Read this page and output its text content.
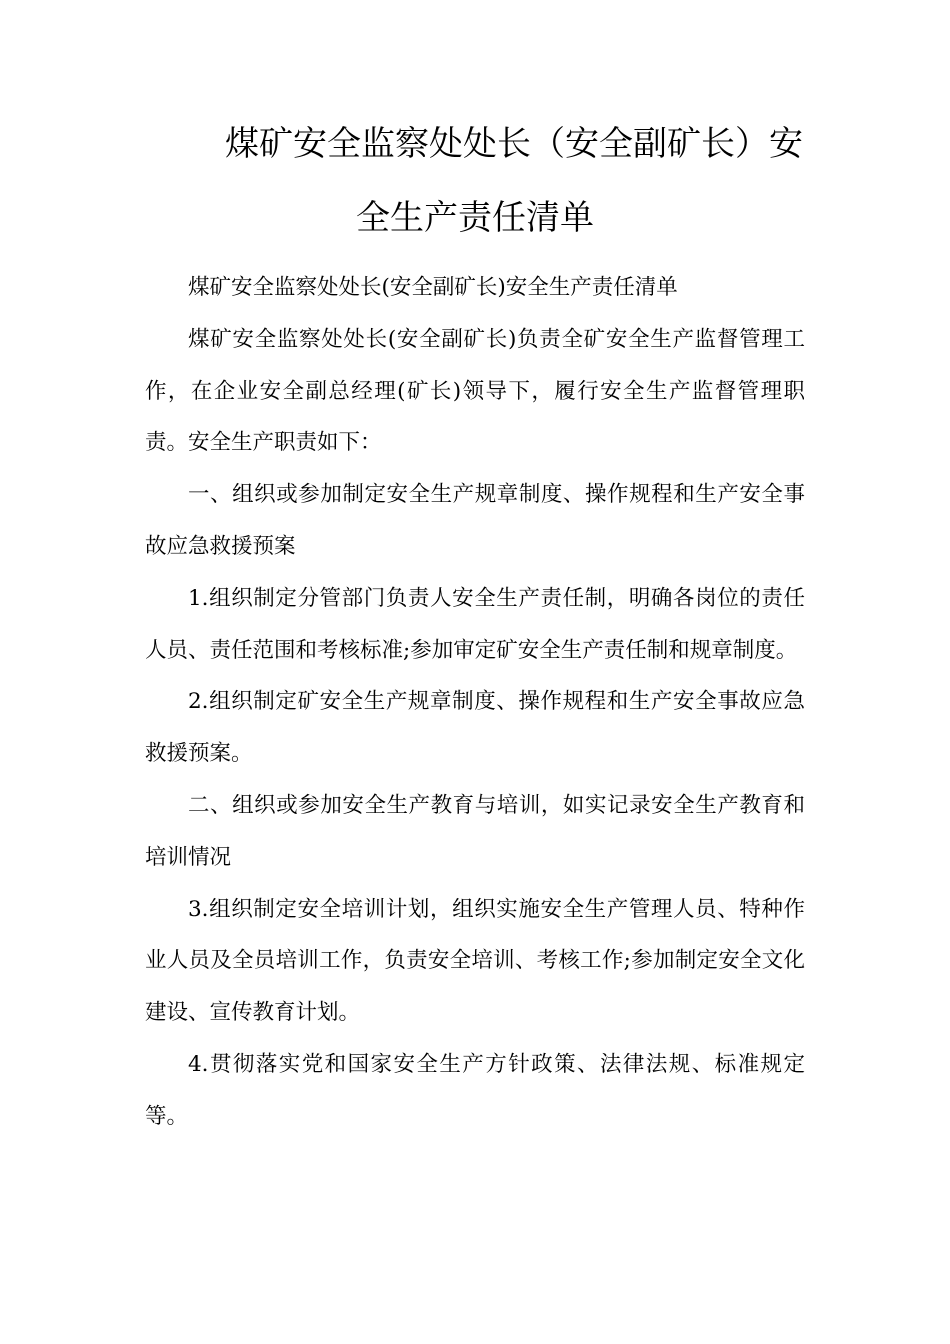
煤矿安全监察处处长（安全副矿长）安
全生产责任清单

煤矿安全监察处处长(安全副矿长)安全生产责任清单

煤矿安全监察处处长(安全副矿长)负责全矿安全生产监督管理工作，在企业安全副总经理(矿长)领导下，履行安全生产监督管理职责。安全生产职责如下：

一、组织或参加制定安全生产规章制度、操作规程和生产安全事故应急救援预案

1.组织制定分管部门负责人安全生产责任制，明确各岗位的责任人员、责任范围和考核标准;参加审定矿安全生产责任制和规章制度。

2.组织制定矿安全生产规章制度、操作规程和生产安全事故应急救援预案。

二、组织或参加安全生产教育与培训，如实记录安全生产教育和培训情况

3.组织制定安全培训计划，组织实施安全生产管理人员、特种作业人员及全员培训工作，负责安全培训、考核工作;参加制定安全文化建设、宣传教育计划。

4.贯彻落实党和国家安全生产方针政策、法律法规、标准规定等。
